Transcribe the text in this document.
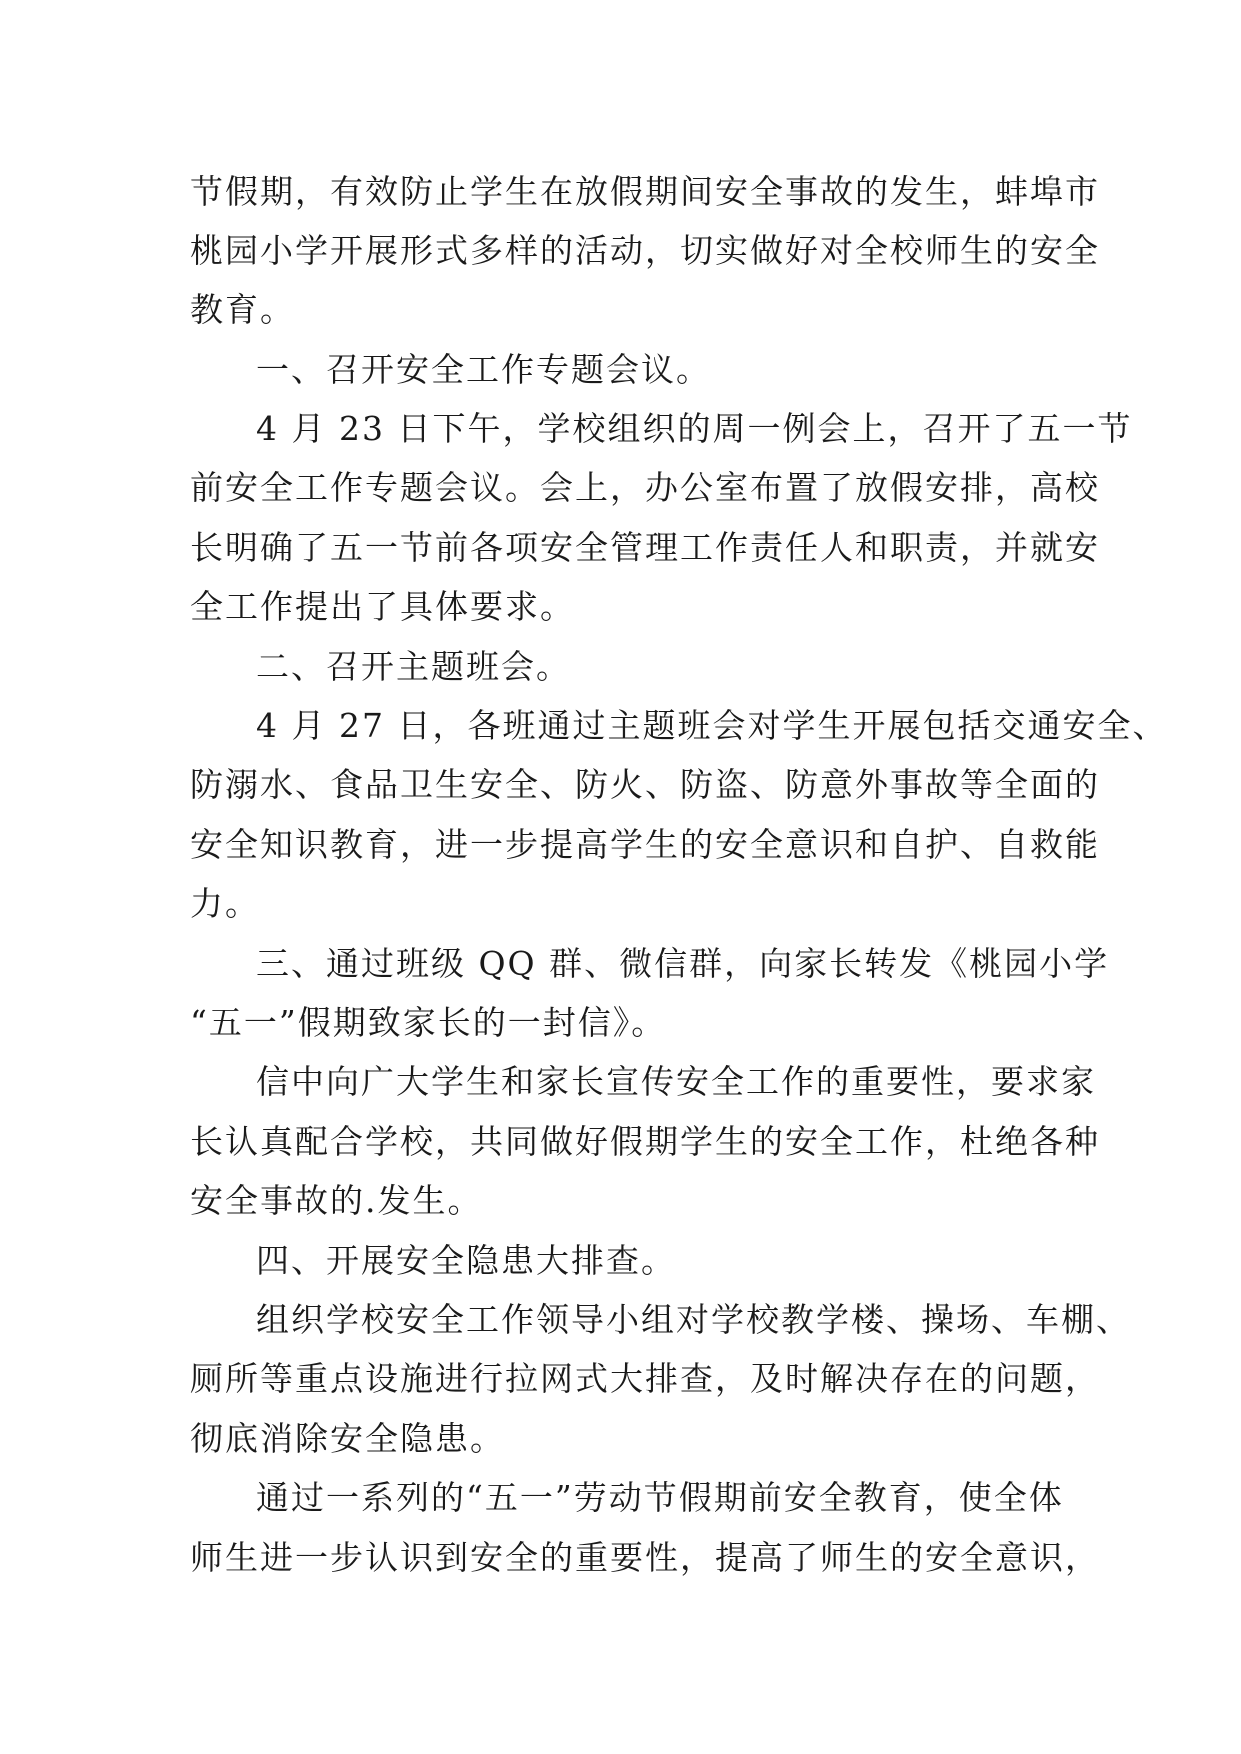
节假期，有效防止学生在放假期间安全事故的发生，蚌埠市
桃园小学开展形式多样的活动，切实做好对全校师生的安全
教育。
一、召开安全工作专题会议。
4 月 23 日下午，学校组织的周一例会上，召开了五一节
前安全工作专题会议。会上，办公室布置了放假安排，高校
长明确了五一节前各项安全管理工作责任人和职责，并就安
全工作提出了具体要求。
二、召开主题班会。
4 月 27 日，各班通过主题班会对学生开展包括交通安全、
防溺水、食品卫生安全、防火、防盗、防意外事故等全面的
安全知识教育，进一步提高学生的安全意识和自护、自救能
力。
三、通过班级 QQ 群、微信群，向家长转发《桃园小学
“五一”假期致家长的一封信》。
信中向广大学生和家长宣传安全工作的重要性，要求家
长认真配合学校，共同做好假期学生的安全工作，杜绝各种
安全事故的.发生。
四、开展安全隐患大排查。
组织学校安全工作领导小组对学校教学楼、操场、车棚、
厕所等重点设施进行拉网式大排查，及时解决存在的问题，
彻底消除安全隐患。
通过一系列的“五一”劳动节假期前安全教育，使全体
师生进一步认识到安全的重要性，提高了师生的安全意识，
